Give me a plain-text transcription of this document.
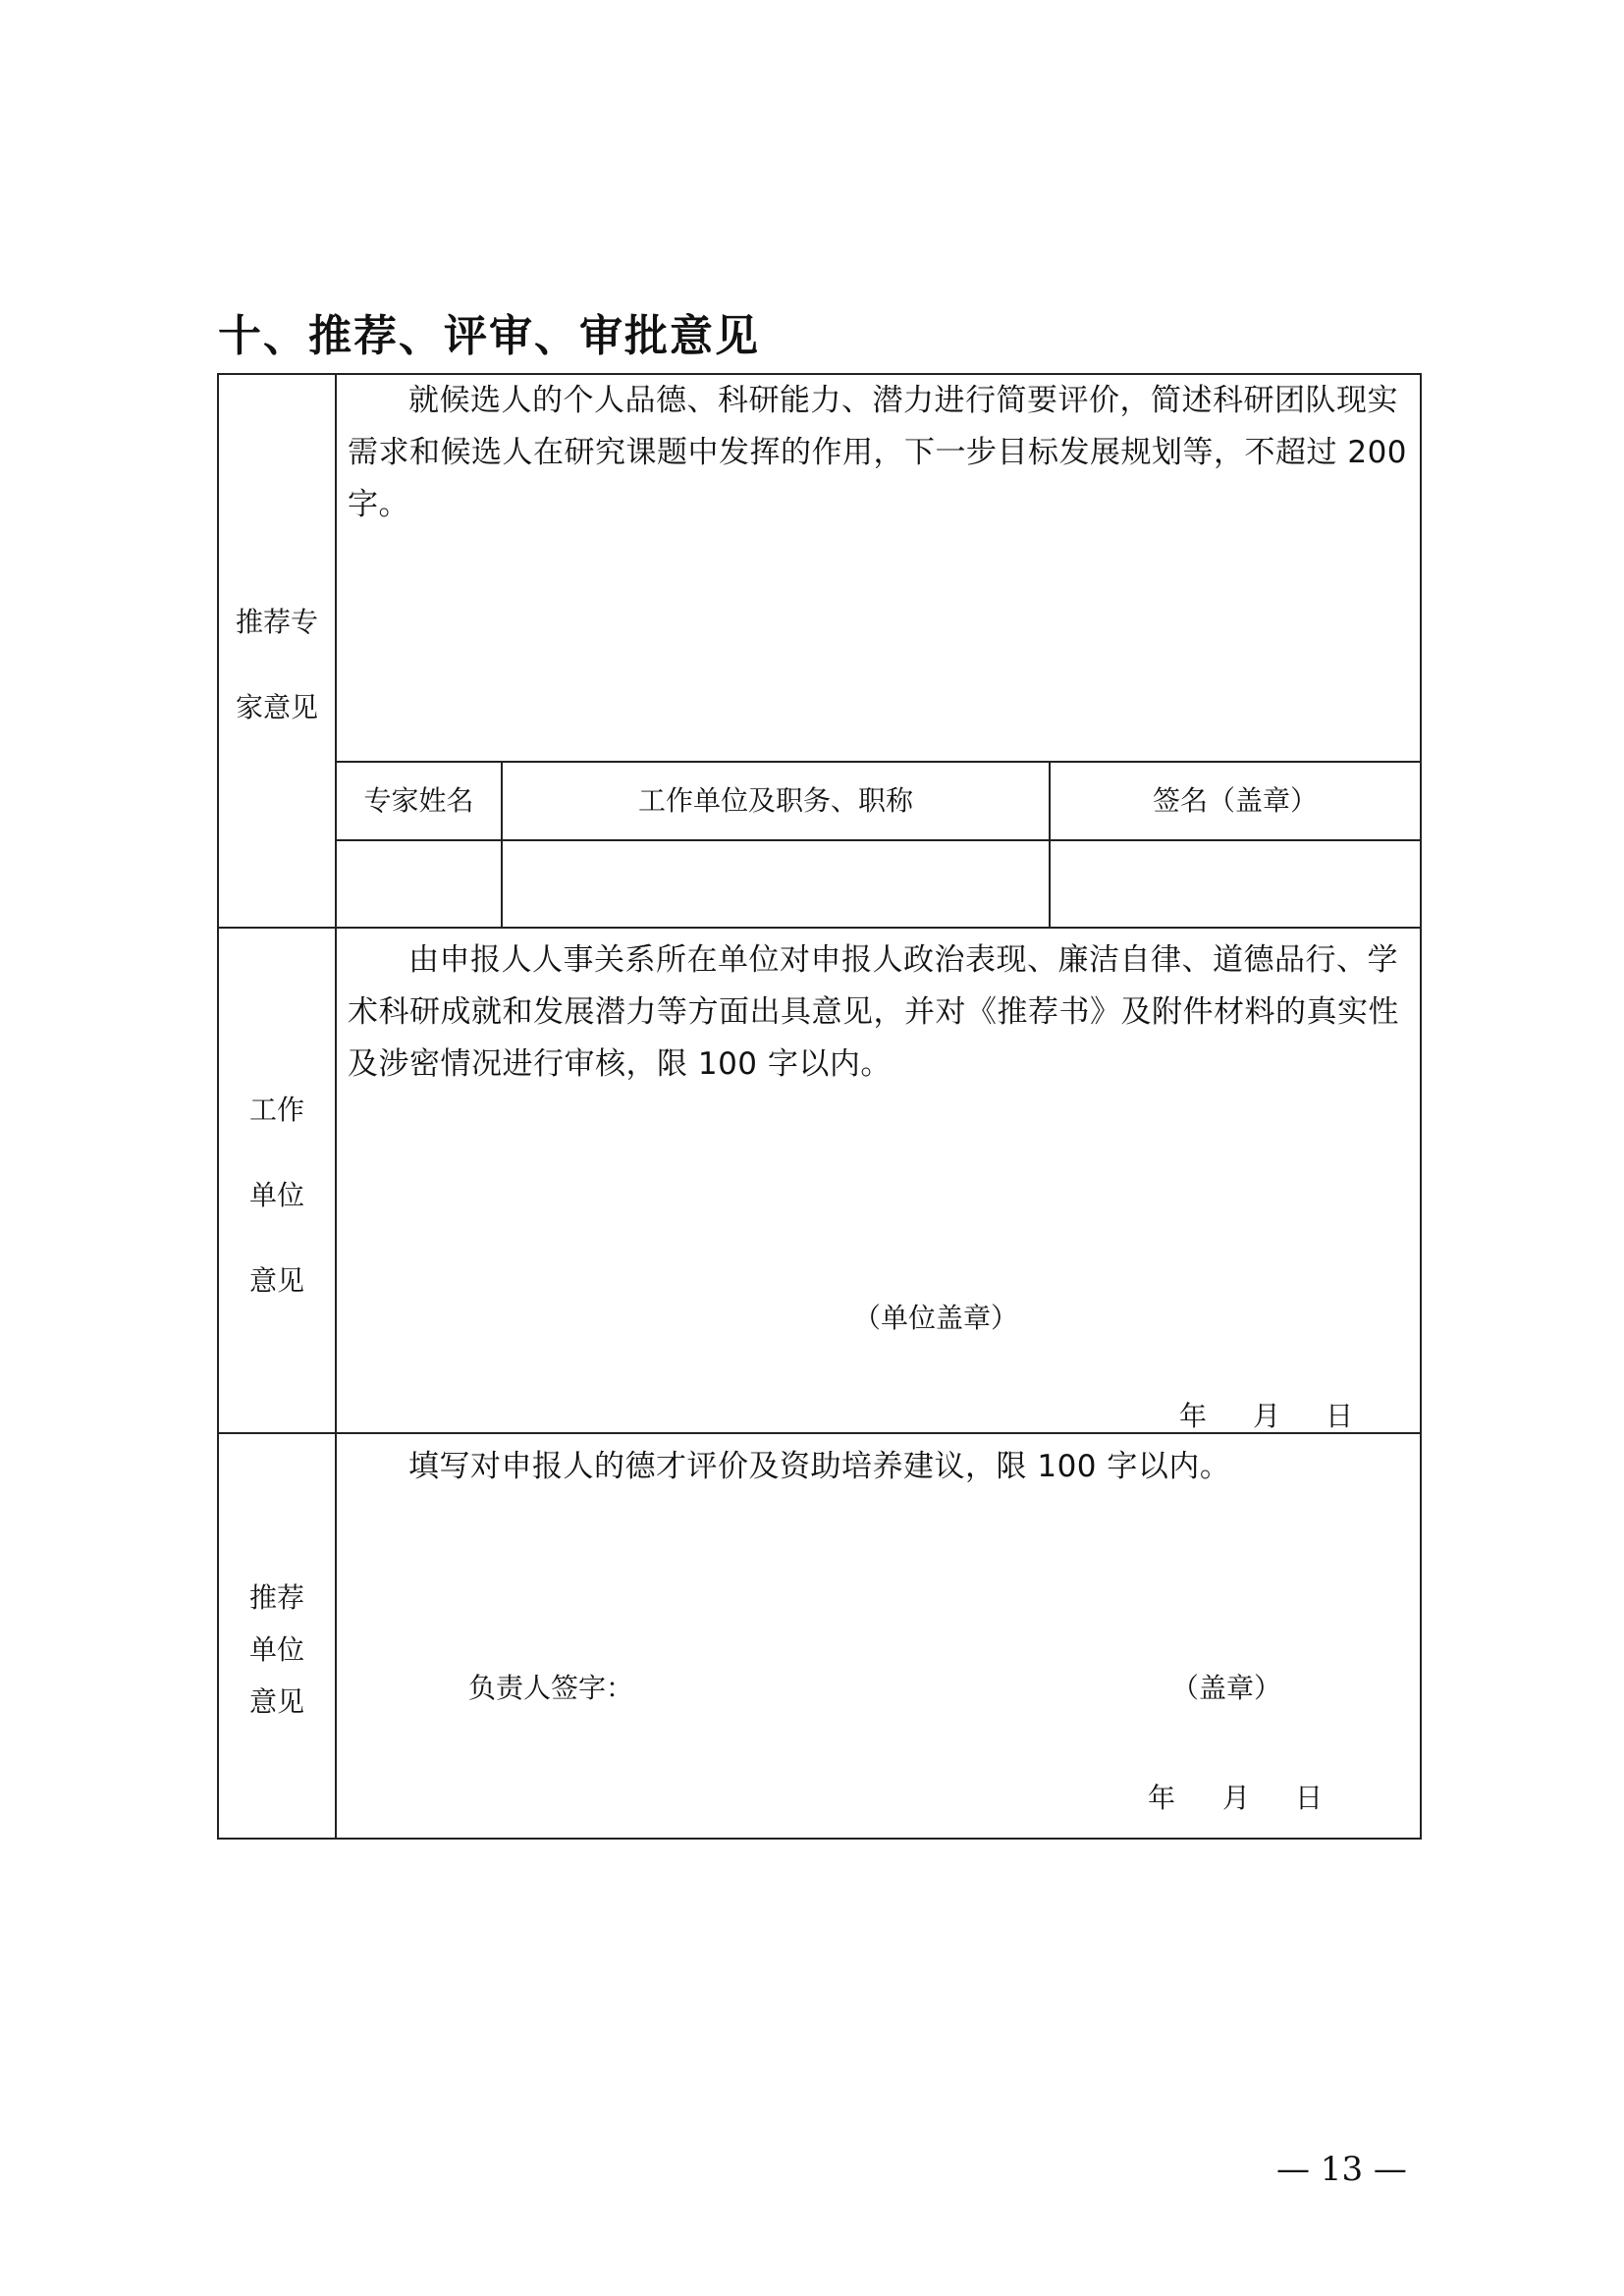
十、推荐、评审、审批意见
推荐专
家意见
就候选人的个人品德、科研能力、潜力进行简要评价，简述科研团队现实需求和候选人在研究课题中发挥的作用，下一步目标发展规划等，不超过 200 字。
专家姓名	工作单位及职务、职称	签名（盖章）
工作
单位
意见
由申报人人事关系所在单位对申报人政治表现、廉洁自律、道德品行、学术科研成就和发展潜力等方面出具意见，并对《推荐书》及附件材料的真实性及涉密情况进行审核，限 100 字以内。
（单位盖章）
年 月 日
推荐
单位
意见
填写对申报人的德才评价及资助培养建议，限 100 字以内。
负责人签字：	（盖章）
年 月 日
— 13 —
